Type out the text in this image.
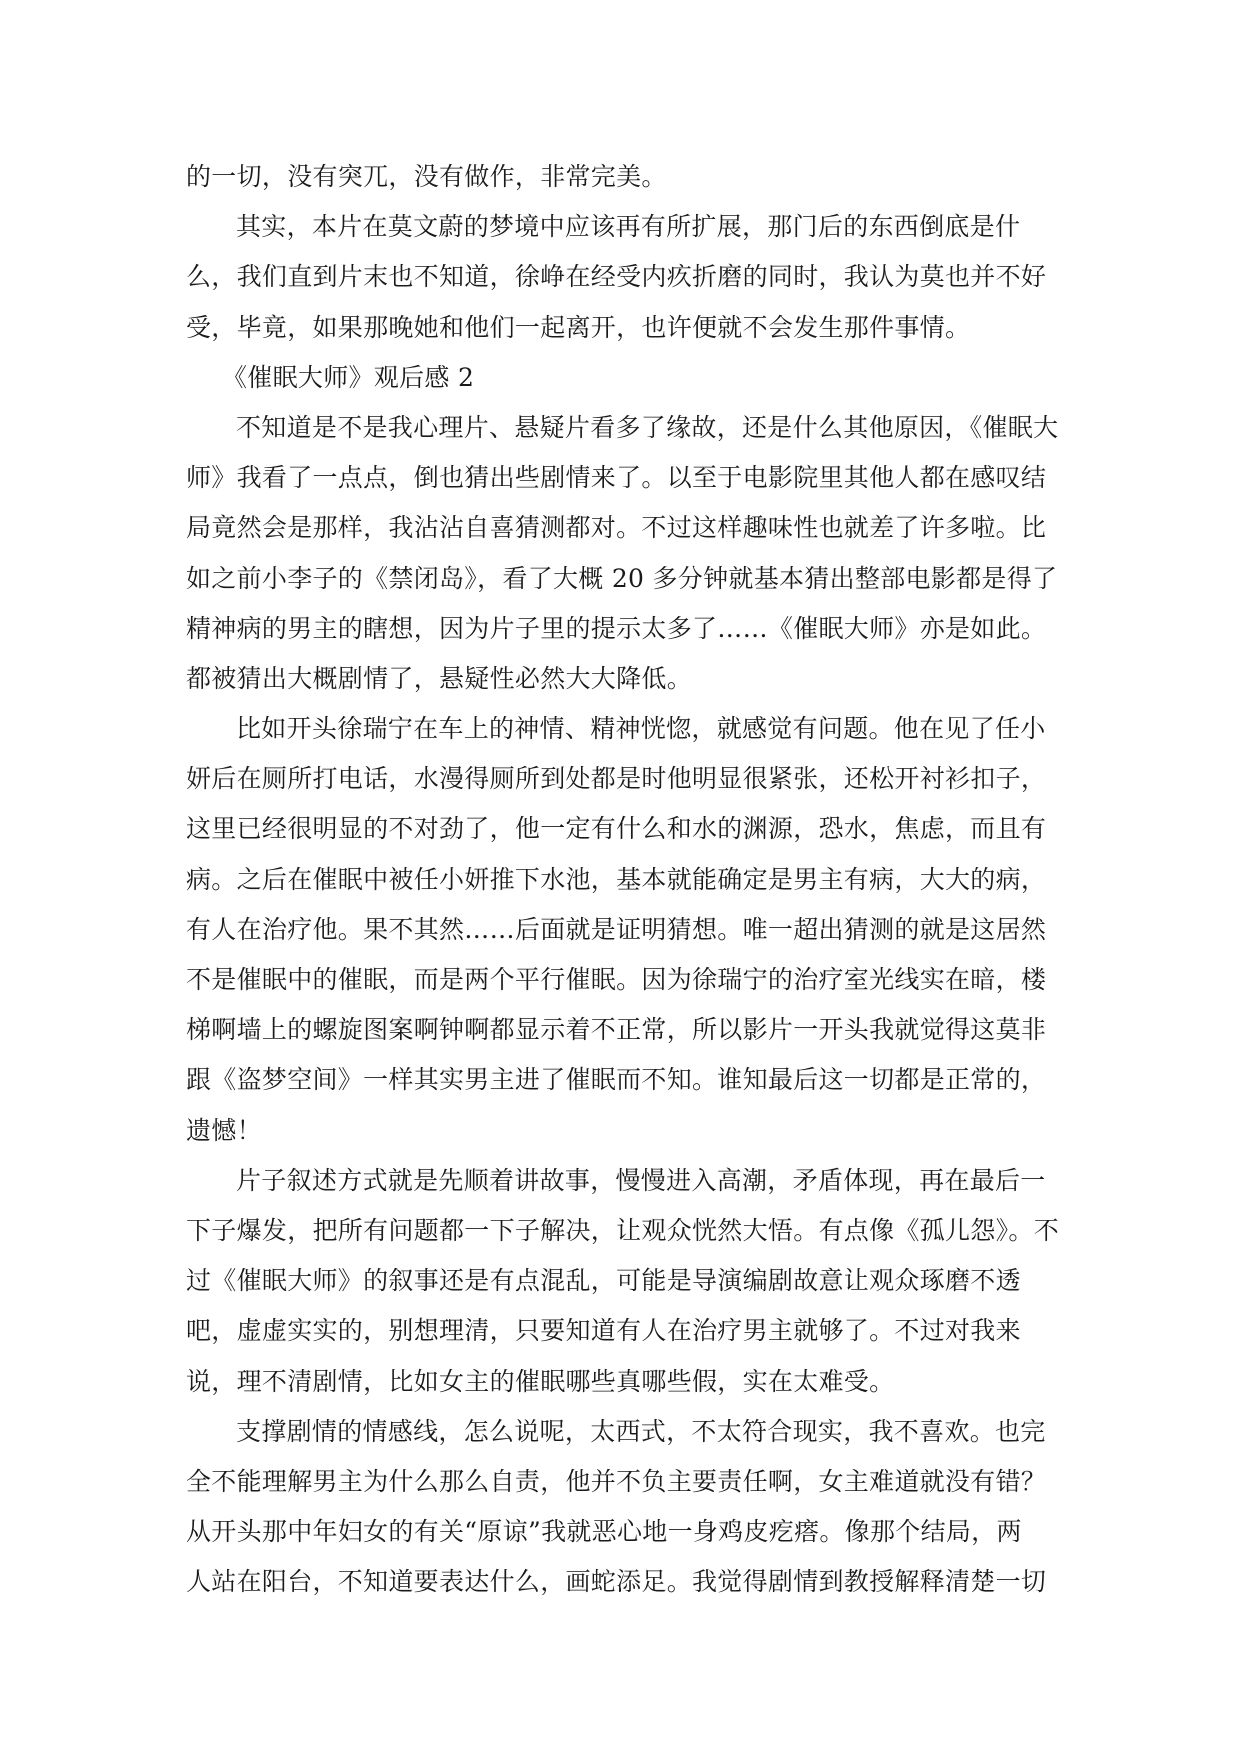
的一切，没有突兀，没有做作，非常完美。
其实，本片在莫文蔚的梦境中应该再有所扩展，那门后的东西倒底是什
么，我们直到片末也不知道，徐峥在经受内疚折磨的同时，我认为莫也并不好
受，毕竟，如果那晚她和他们一起离开，也许便就不会发生那件事情。
《催眠大师》观后感 2
不知道是不是我心理片、悬疑片看多了缘故，还是什么其他原因，《催眠大
师》我看了一点点，倒也猜出些剧情来了。以至于电影院里其他人都在感叹结
局竟然会是那样，我沾沾自喜猜测都对。不过这样趣味性也就差了许多啦。比
如之前小李子的《禁闭岛》，看了大概 20 多分钟就基本猜出整部电影都是得了
精神病的男主的瞎想，因为片子里的提示太多了……《催眠大师》亦是如此。
都被猜出大概剧情了，悬疑性必然大大降低。
比如开头徐瑞宁在车上的神情、精神恍惚，就感觉有问题。他在见了任小
妍后在厕所打电话，水漫得厕所到处都是时他明显很紧张，还松开衬衫扣子，
这里已经很明显的不对劲了，他一定有什么和水的渊源，恐水，焦虑，而且有
病。之后在催眠中被任小妍推下水池，基本就能确定是男主有病，大大的病，
有人在治疗他。果不其然……后面就是证明猜想。唯一超出猜测的就是这居然
不是催眠中的催眠，而是两个平行催眠。因为徐瑞宁的治疗室光线实在暗，楼
梯啊墙上的螺旋图案啊钟啊都显示着不正常，所以影片一开头我就觉得这莫非
跟《盗梦空间》一样其实男主进了催眠而不知。谁知最后这一切都是正常的，
遗憾！
片子叙述方式就是先顺着讲故事，慢慢进入高潮，矛盾体现，再在最后一
下子爆发，把所有问题都一下子解决，让观众恍然大悟。有点像《孤儿怨》。不
过《催眠大师》的叙事还是有点混乱，可能是导演编剧故意让观众琢磨不透
吧，虚虚实实的，别想理清，只要知道有人在治疗男主就够了。不过对我来
说，理不清剧情，比如女主的催眠哪些真哪些假，实在太难受。
支撑剧情的情感线，怎么说呢，太西式，不太符合现实，我不喜欢。也完
全不能理解男主为什么那么自责，他并不负主要责任啊，女主难道就没有错？
从开头那中年妇女的有关“原谅”我就恶心地一身鸡皮疙瘩。像那个结局，两
人站在阳台，不知道要表达什么，画蛇添足。我觉得剧情到教授解释清楚一切
